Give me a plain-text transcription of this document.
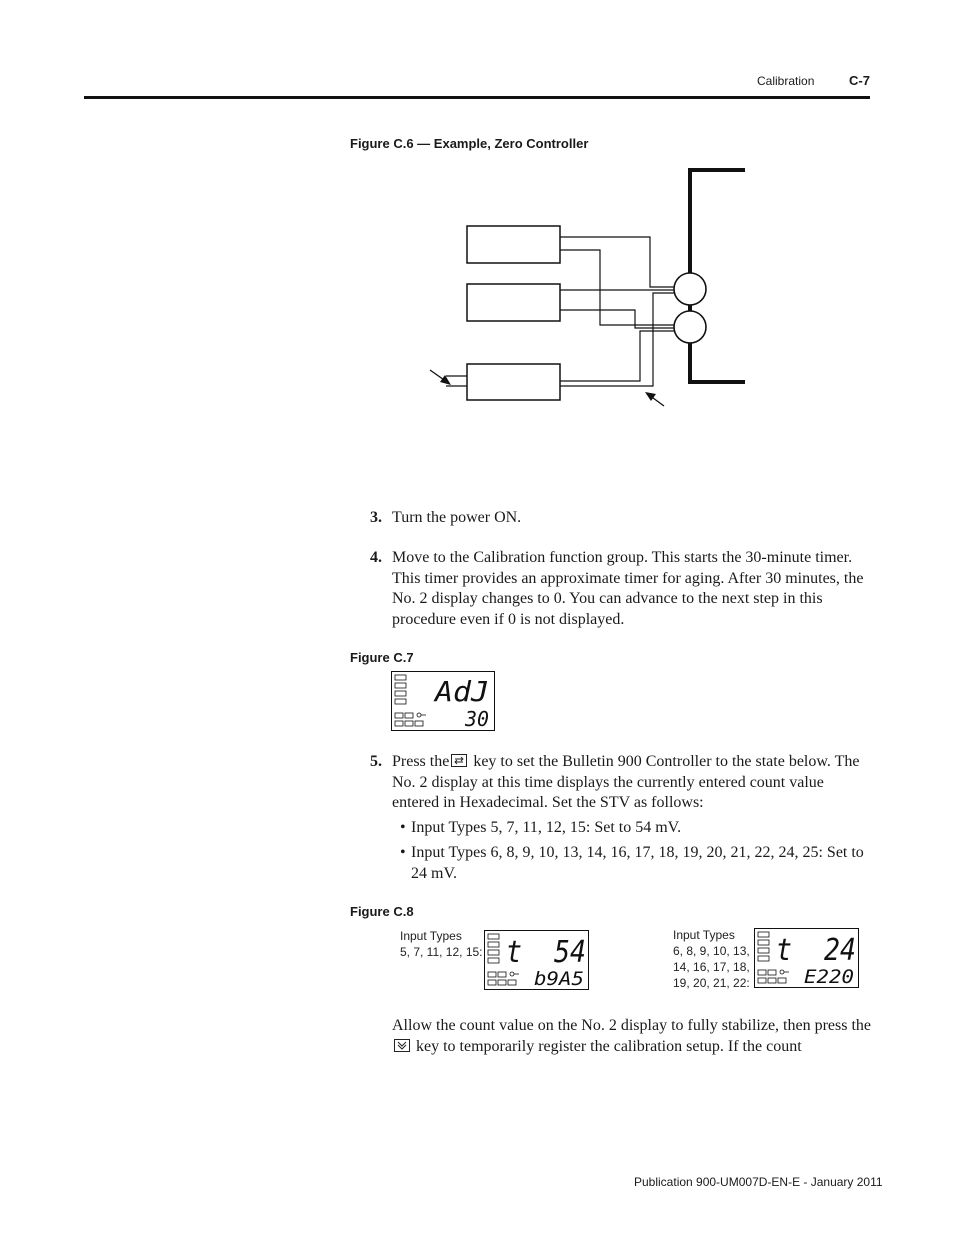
Calibration	C-7
Figure C.6 — Example, Zero Controller
3. Turn the power ON.
4. Move to the Calibration function group. This starts the 30-minute timer. This timer provides an approximate timer for aging. After 30 minutes, the No. 2 display changes to 0. You can advance to the next step in this procedure even if 0 is not displayed.
Figure C.7
AdJ
30
5. Press the key to set the Bulletin 900 Controller to the state below. The No. 2 display at this time displays the currently entered count value entered in Hexadecimal. Set the STV as follows:
• Input Types 5, 7, 11, 12, 15: Set to 54 mV.
• Input Types 6, 8, 9, 10, 13, 14, 16, 17, 18, 19, 20, 21, 22, 24, 25: Set to 24 mV.
Figure C.8
Input Types
5, 7, 11, 12, 15: t  54
b9A5
Input Types
6, 8, 9, 10, 13,
14, 16, 17, 18,
19, 20, 21, 22:
t  24
E220
Allow the count value on the No. 2 display to fully stabilize, then press the
key to temporarily register the calibration setup. If the count
Publication 900-UM007D-EN-E - January 2011
